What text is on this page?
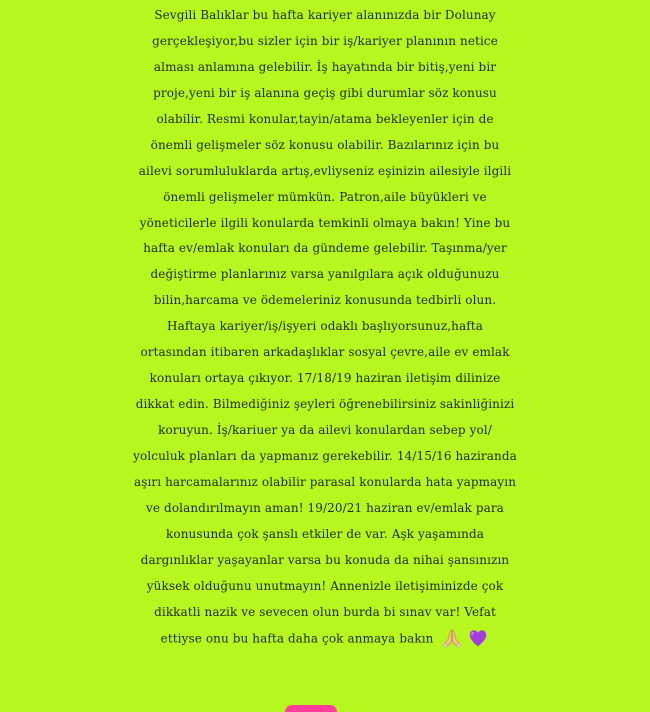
Sevgili Balıklar bu hafta kariyer alanınızda bir Dolunay
gerçekleşiyor,bu sizler için bir iş/kariyer planının netice
alması anlamına gelebilir. İş hayatında bir bitiş,yeni bir
proje,yeni bir iş alanına geçiş gibi durumlar söz konusu
olabilir. Resmi konular,tayin/atama bekleyenler için de
önemli gelişmeler söz konusu olabilir. Bazılarınız için bu
ailevi sorumluluklarda artış,evliyseniz eşinizin ailesiyle ilgili
önemli gelişmeler mümkün. Patron,aile büyükleri ve
yöneticilerle ilgili konularda temkinli olmaya bakın! Yine bu
hafta ev/emlak konuları da gündeme gelebilir. Taşınma/yer
değiştirme planlarınız varsa yanılgılara açık olduğunuzu
bilin,harcama ve ödemeleriniz konusunda tedbirli olun.
Haftaya kariyer/iş/işyeri odaklı başlıyorsunuz,hafta
ortasından itibaren arkadaşlıklar sosyal çevre,aile ev emlak
konuları ortaya çıkıyor. 17/18/19 haziran iletişim dilinize
dikkat edin. Bilmediğiniz şeyleri öğrenebilirsiniz sakinliğinizi
koruyun. İş/kariuer ya da ailevi konulardan sebep yol/
yolculuk planları da yapmanız gerekebilir. 14/15/16 haziranda
aşırı harcamalarınız olabilir parasal konularda hata yapmayın
ve dolandırılmayın aman! 19/20/21 haziran ev/emlak para
konusunda çok şanslı etkiler de var. Aşk yaşamında
dargınlıklar yaşayanlar varsa bu konuda da nihai şansınızın
yüksek olduğunu unutmayın! Annenizle iletişiminizde çok
dikkatli nazik ve sevecen olun burda bi sınav var! Vefat
ettiyse onu bu hafta daha çok anmaya bakın
